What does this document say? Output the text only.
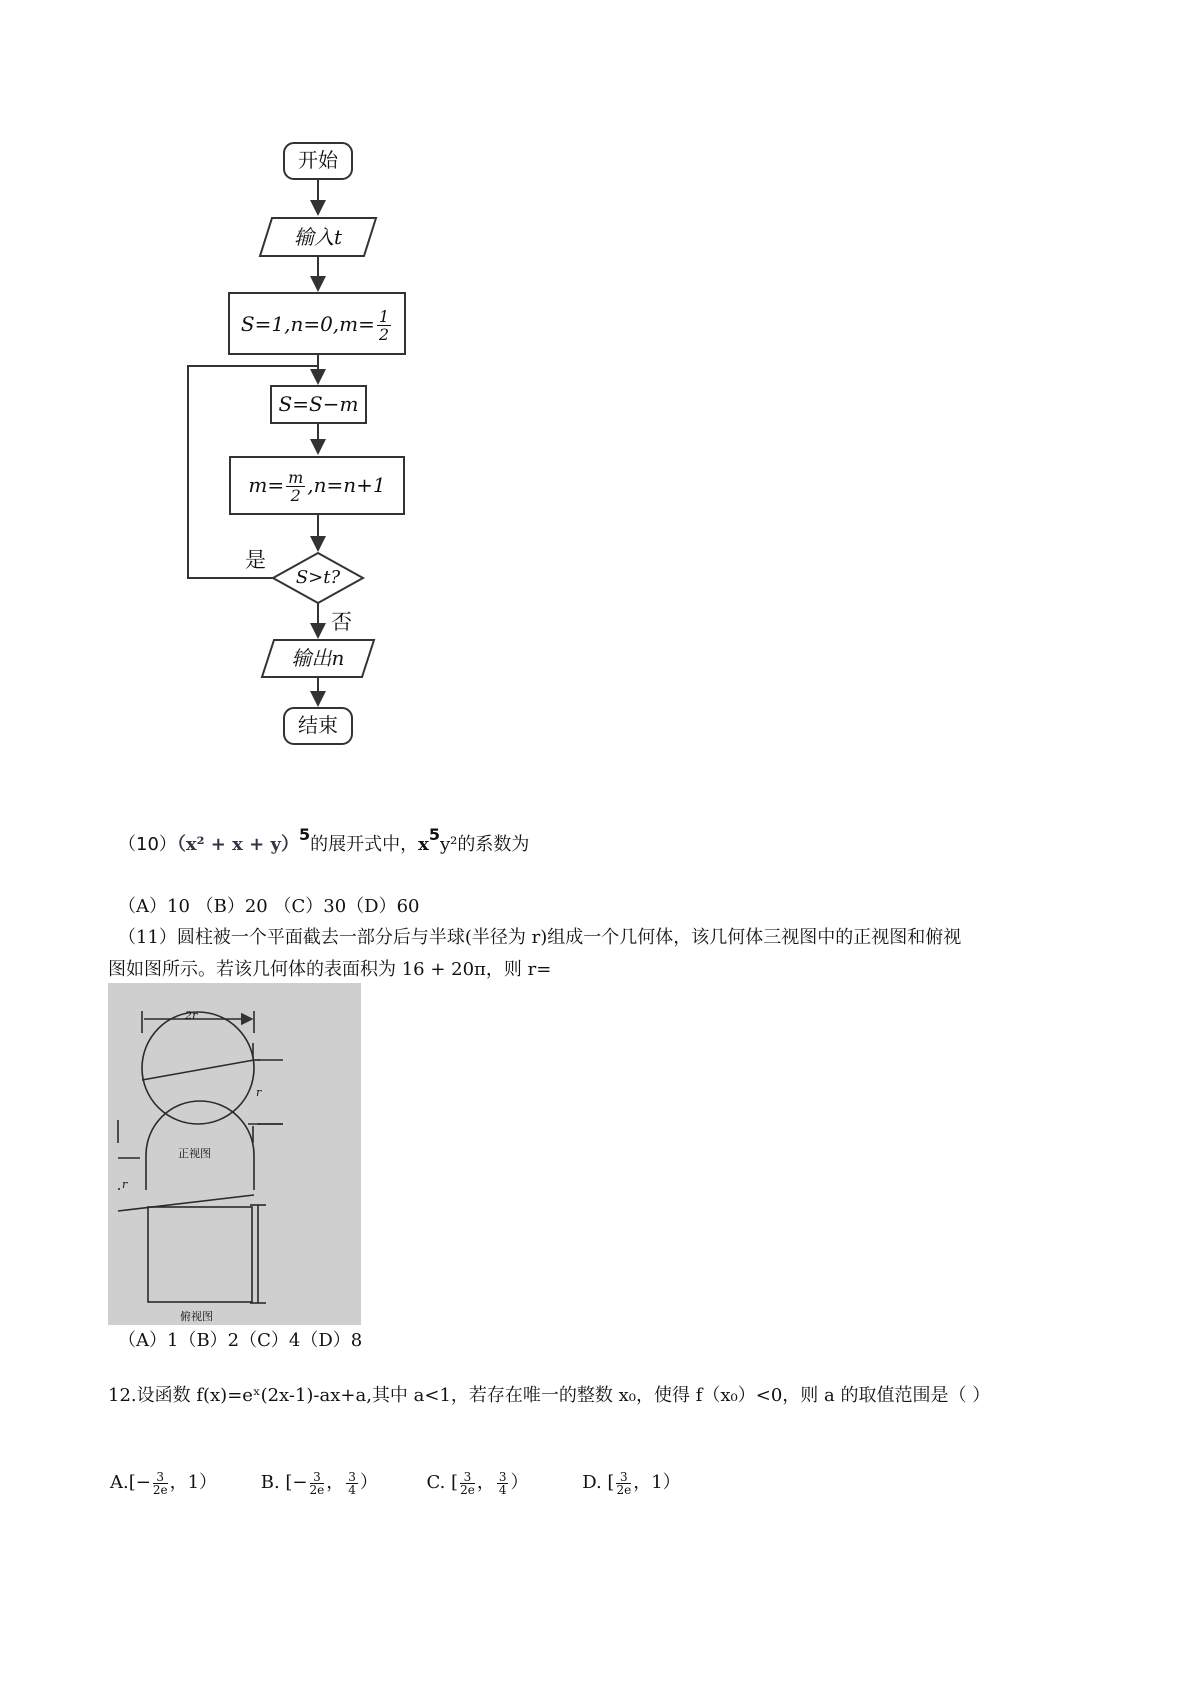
开始
输入t
$S=1,n=0,m= \frac{1}{2}$
S=S−m
$m= \frac{m}{2} ,n=n+1$
S>t?
是
否
输出n
结束
（10）（x² + x + y）5的展开式中，x5y²的系数为
（A）10 （B）20 （C）30（D）60
（11）圆柱被一个平面截去一部分后与半球(半径为 r)组成一个几何体，该几何体三视图中的正视图和俯视
图如图所示。若该几何体的表面积为 16 + 20π，则 r=
2r
r
正视图
r
俯视图
（A）1（B）2（C）4（D）8
12.设函数 f(x)=eˣ(2x-1)-ax+a,其中 a<1，若存在唯一的整数 x₀，使得 f（x₀）<0，则 a 的取值范围是（ ）
$A.[- \frac{3}{2e}$ ，1） B. [− $\frac{3}{2e}$ ， $\frac{3}{4}$ ）	C. [ $\frac{3}{2e}$ ， $\frac{3}{4}$ ）	D. [ $\frac{3}{2e}$ ，1）
